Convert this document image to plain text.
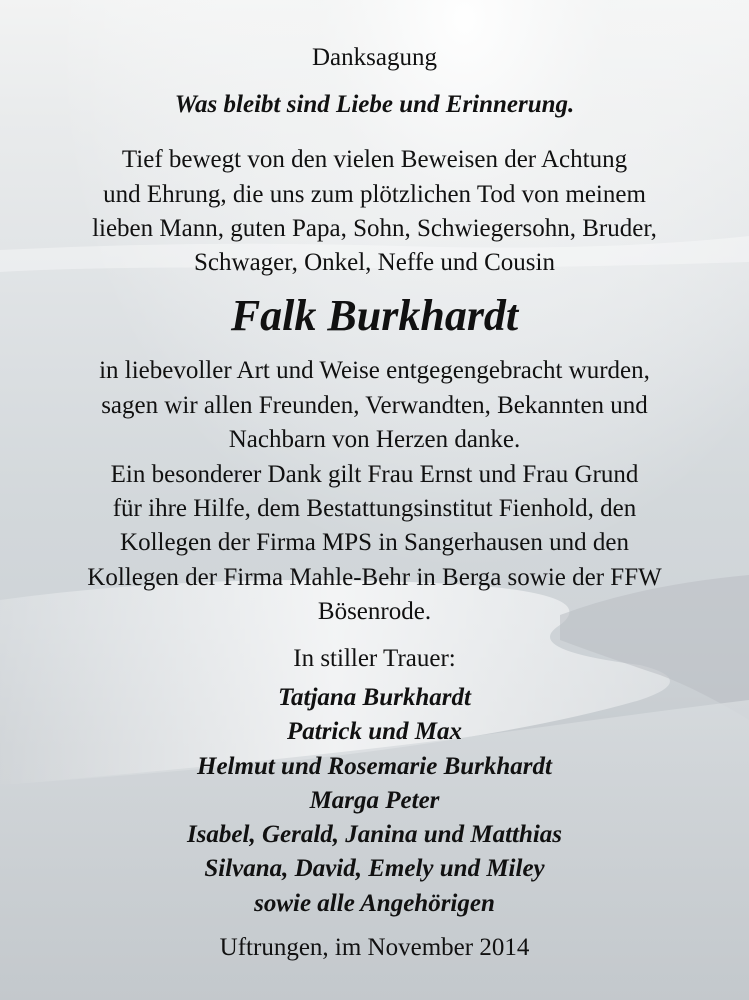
Danksagung
Was bleibt sind Liebe und Erinnerung.
Tief bewegt von den vielen Beweisen der Achtung
und Ehrung, die uns zum plötzlichen Tod von meinem
lieben Mann, guten Papa, Sohn, Schwiegersohn, Bruder,
Schwager, Onkel, Neffe und Cousin
Falk Burkhardt
in liebevoller Art und Weise entgegengebracht wurden,
sagen wir allen Freunden, Verwandten, Bekannten und
Nachbarn von Herzen danke.
Ein besonderer Dank gilt Frau Ernst und Frau Grund
für ihre Hilfe, dem Bestattungsinstitut Fienhold, den
Kollegen der Firma MPS in Sangerhausen und den
Kollegen der Firma Mahle-Behr in Berga sowie der FFW
Bösenrode.
In stiller Trauer:
Tatjana Burkhardt
Patrick und Max
Helmut und Rosemarie Burkhardt
Marga Peter
Isabel, Gerald, Janina und Matthias
Silvana, David, Emely und Miley
sowie alle Angehörigen
Uftrungen, im November 2014
